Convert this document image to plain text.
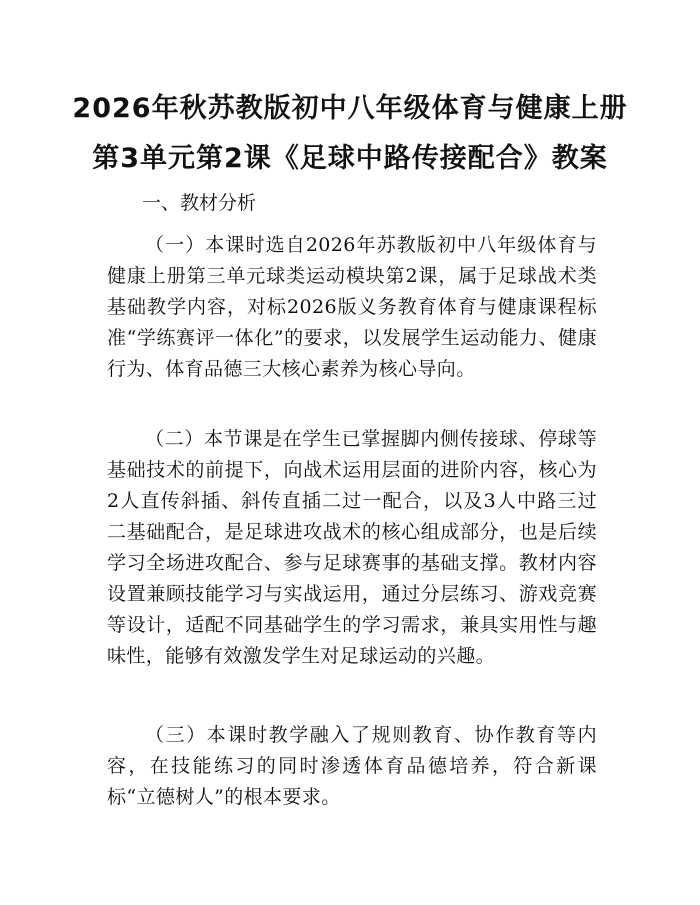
2026年秋苏教版初中八年级体育与健康上册
第3单元第2课《足球中路传接配合》教案
一、教材分析

（一）本课时选自2026年苏教版初中八年级体育与健康上册第三单元球类运动模块第2课，属于足球战术类基础教学内容，对标2026版义务教育体育与健康课程标准“学练赛评一体化”的要求，以发展学生运动能力、健康行为、体育品德三大核心素养为核心导向。

（二）本节课是在学生已掌握脚内侧传接球、停球等基础技术的前提下，向战术运用层面的进阶内容，核心为2人直传斜插、斜传直插二过一配合，以及3人中路三过二基础配合，是足球进攻战术的核心组成部分，也是后续学习全场进攻配合、参与足球赛事的基础支撑。教材内容设置兼顾技能学习与实战运用，通过分层练习、游戏竞赛等设计，适配不同基础学生的学习需求，兼具实用性与趣味性，能够有效激发学生对足球运动的兴趣。

（三）本课时教学融入了规则教育、协作教育等内容，在技能练习的同时渗透体育品德培养，符合新课标“立德树人”的根本要求。
